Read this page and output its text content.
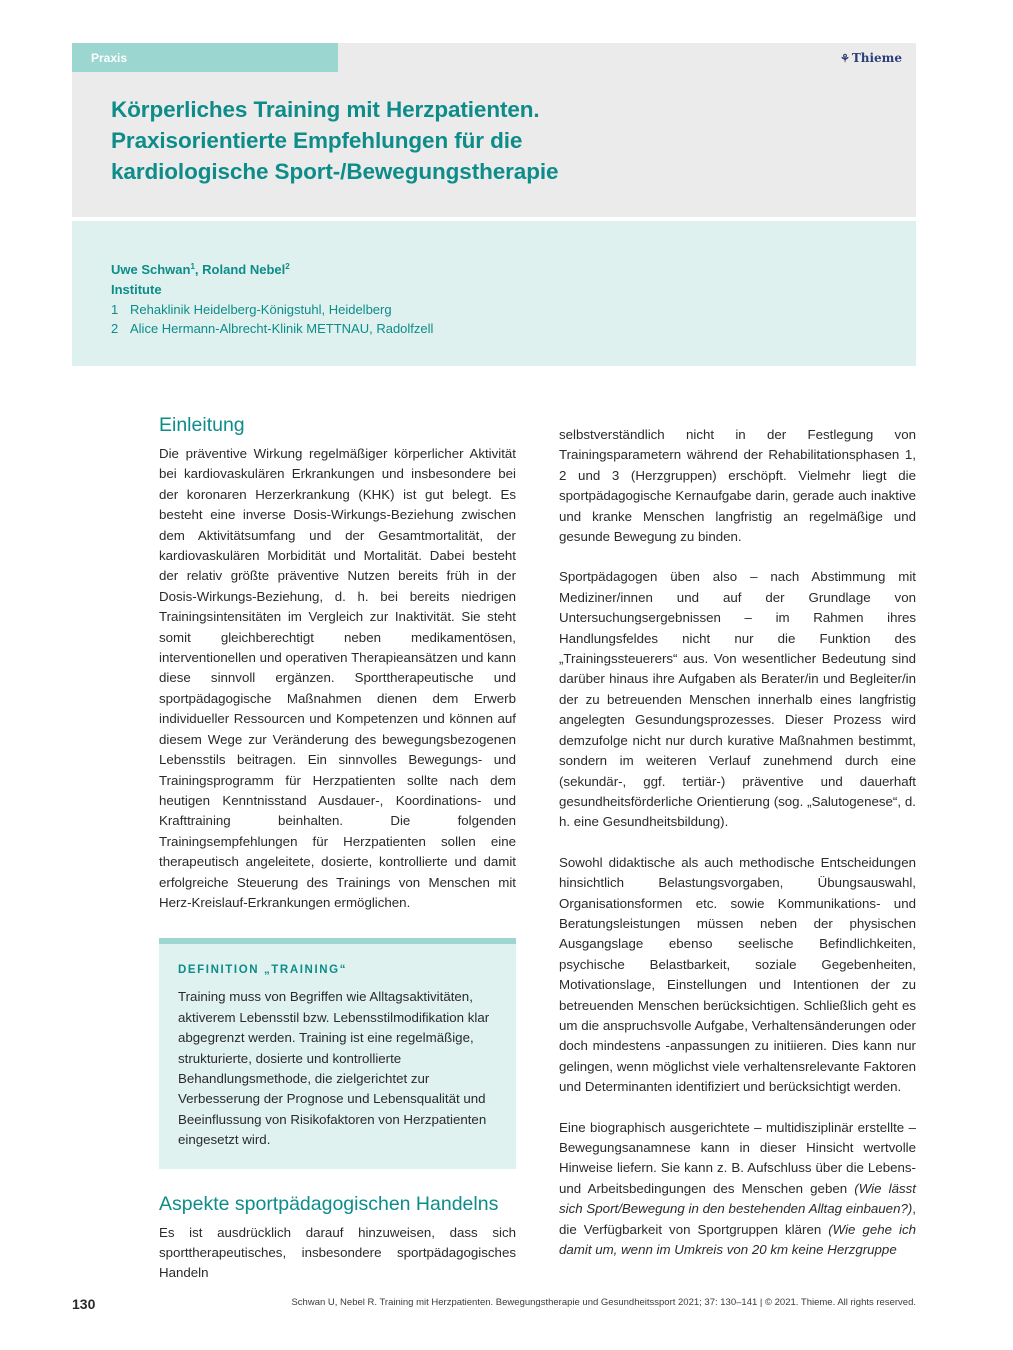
Praxis	⚘ Thieme
Körperliches Training mit Herzpatienten.
Praxisorientierte Empfehlungen für die
kardiologische Sport-/Bewegungstherapie
Uwe Schwan$^1$, Roland Nebel$^2$
Institute
1 Rehaklinik Heidelberg-Königstuhl, Heidelberg
2 Alice Hermann-Albrecht-Klinik METTNAU, Radolfzell
Einleitung

Die präventive Wirkung regelmäßiger körperlicher Aktivität bei kardiovaskulären Erkrankungen und insbesondere bei der koronaren Herzerkrankung (KHK) ist gut belegt. Es besteht eine inverse Dosis-Wirkungs-Beziehung zwischen dem Aktivitätsumfang und der Gesamtmortalität, der kardiovaskulären Morbidität und Mortalität. Dabei besteht der relativ größte präventive Nutzen bereits früh in der Dosis-Wirkungs-Beziehung, d. h. bei bereits niedrigen Trainingsintensitäten im Vergleich zur Inaktivität. Sie steht somit gleichberechtigt neben medikamentösen, interventionellen und operativen Therapieansätzen und kann diese sinnvoll ergänzen. Sporttherapeutische und sportpädagogische Maßnahmen dienen dem Erwerb individueller Ressourcen und Kompetenzen und können auf diesem Wege zur Veränderung des bewegungsbezogenen Lebensstils beitragen. Ein sinnvolles Bewegungs- und Trainingsprogramm für Herzpatienten sollte nach dem heutigen Kenntnisstand Ausdauer-, Koordinations- und Krafttraining beinhalten. Die folgenden Trainingsempfehlungen für Herzpatienten sollen eine therapeutisch angeleitete, dosierte, kontrollierte und damit erfolgreiche Steuerung des Trainings von Menschen mit Herz-Kreislauf-Erkrankungen ermöglichen.

DEFINITION „TRAINING“
Training muss von Begriffen wie Alltagsaktivitäten, aktiverem Lebensstil bzw. Lebensstilmodifikation klar abgegrenzt werden. Training ist eine regelmäßige, strukturierte, dosierte und kontrollierte Behandlungsmethode, die zielgerichtet zur Verbesserung der Prognose und Lebensqualität und Beeinflussung von Risikofaktoren von Herzpatienten eingesetzt wird.
Aspekte sportpädagogischen Handelns

Es ist ausdrücklich darauf hinzuweisen, dass sich sporttherapeutisches, insbesondere sportpädagogisches Handeln

selbstverständlich nicht in der Festlegung von Trainingsparametern während der Rehabilitationsphasen 1, 2 und 3 (Herzgruppen) erschöpft. Vielmehr liegt die sportpädagogische Kernaufgabe darin, gerade auch inaktive und kranke Menschen langfristig an regelmäßige und gesunde Bewegung zu binden.

Sportpädagogen üben also – nach Abstimmung mit Mediziner/innen und auf der Grundlage von Untersuchungsergebnissen – im Rahmen ihres Handlungsfeldes nicht nur die Funktion des „Trainingssteuerers“ aus. Von wesentlicher Bedeutung sind darüber hinaus ihre Aufgaben als Berater/in und Begleiter/in der zu betreuenden Menschen innerhalb eines langfristig angelegten Gesundungsprozesses. Dieser Prozess wird demzufolge nicht nur durch kurative Maßnahmen bestimmt, sondern im weiteren Verlauf zunehmend durch eine (sekundär-, ggf. tertiär-) präventive und dauerhaft gesundheitsförderliche Orientierung (sog. „Salutogenese“, d. h. eine Gesundheitsbildung).

Sowohl didaktische als auch methodische Entscheidungen hinsichtlich Belastungsvorgaben, Übungsauswahl, Organisationsformen etc. sowie Kommunikations- und Beratungsleistungen müssen neben der physischen Ausgangslage ebenso seelische Befindlichkeiten, psychische Belastbarkeit, soziale Gegebenheiten, Motivationslage, Einstellungen und Intentionen der zu betreuenden Menschen berücksichtigen. Schließlich geht es um die anspruchsvolle Aufgabe, Verhaltensänderungen oder doch mindestens -anpassungen zu initiieren. Dies kann nur gelingen, wenn möglichst viele verhaltensrelevante Faktoren und Determinanten identifiziert und berücksichtigt werden.

Eine biographisch ausgerichtete – multidisziplinär erstellte – Bewegungsanamnese kann in dieser Hinsicht wertvolle Hinweise liefern. Sie kann z. B. Aufschluss über die Lebens- und Arbeitsbedingungen des Menschen geben (Wie lässt sich Sport/Bewegung in den bestehenden Alltag einbauen?), die Verfügbarkeit von Sportgruppen klären (Wie gehe ich damit um, wenn im Umkreis von 20 km keine Herzgruppe

130	Schwan U, Nebel R. Training mit Herzpatienten. Bewegungstherapie und Gesundheitssport 2021; 37: 130–141 | © 2021. Thieme. All rights reserved.
